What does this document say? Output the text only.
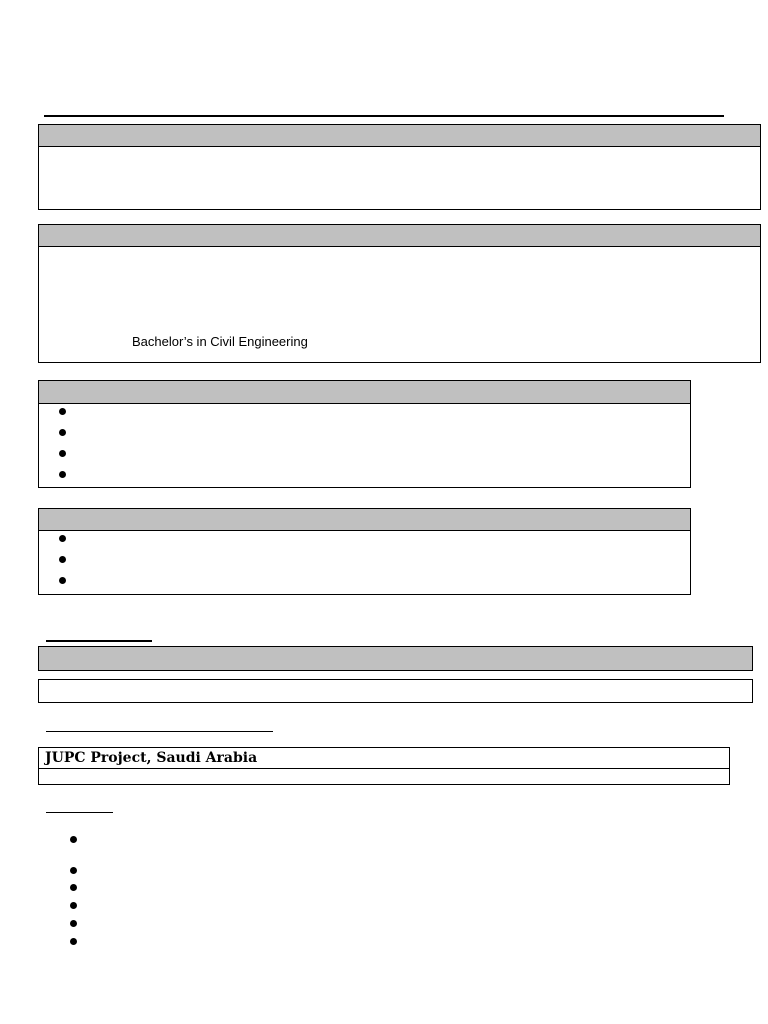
Bachelor’s in Civil Engineering
JUPC Project, Saudi Arabia
